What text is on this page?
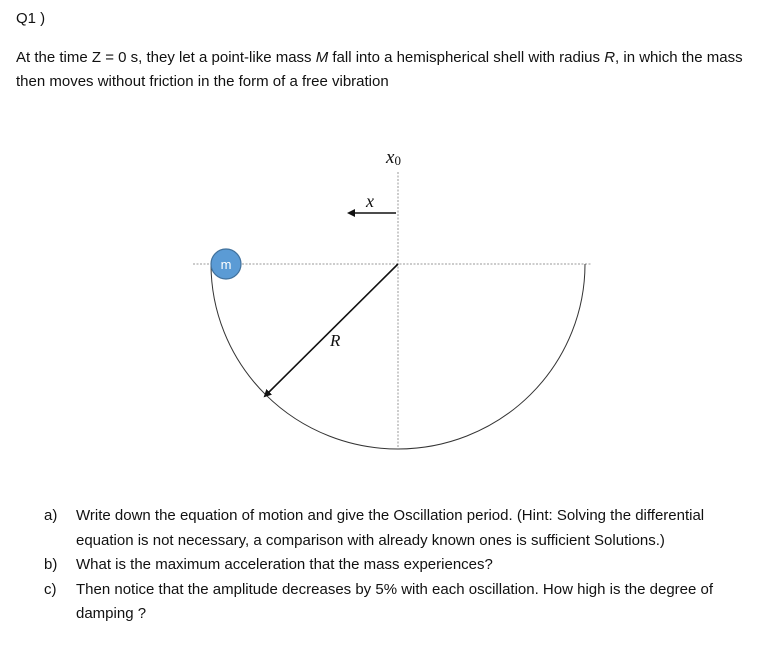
Q1 )
At the time Z = 0 s, they let a point-like mass M fall into a hemispherical shell with radius R, in which the mass then moves without friction in the form of a free vibration
m
x0
x
R
a) Write down the equation of motion and give the Oscillation period. (Hint: Solving the differential equation is not necessary, a comparison with already known ones is sufficient Solutions.)
b) What is the maximum acceleration that the mass experiences?
c) Then notice that the amplitude decreases by 5% with each oscillation. How high is the degree of damping ?
